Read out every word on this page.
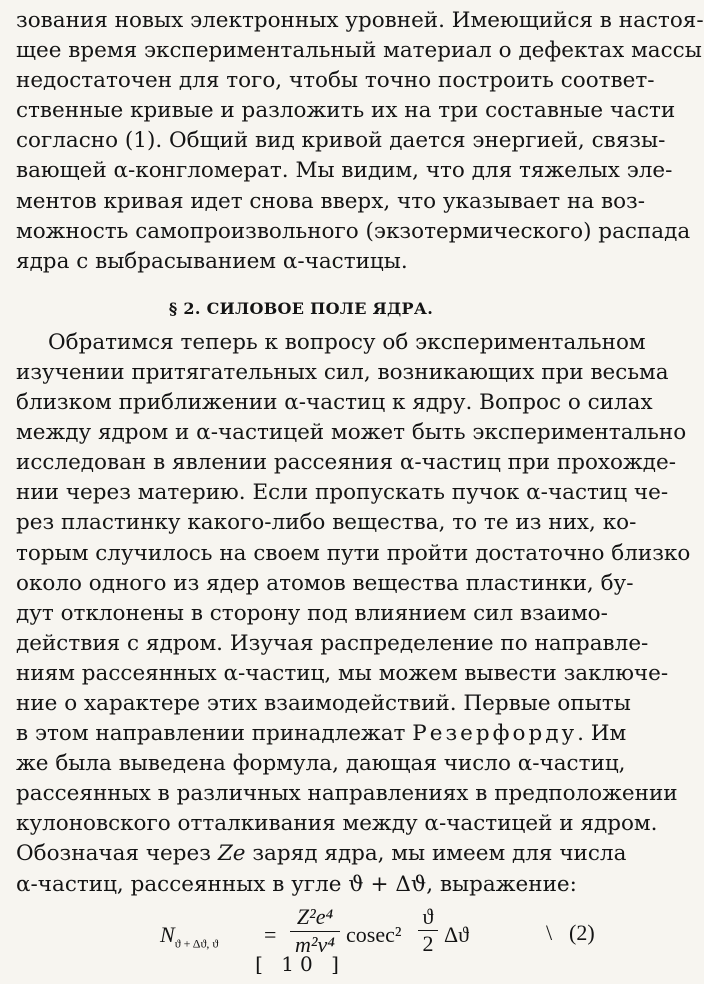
зования новых электронных уровней. Имеющийся в настоя-
щее время экспериментальный материал о дефектах массы
недостаточен для того, чтобы точно построить соответ-
ственные кривые и разложить их на три составные части
согласно (1). Общий вид кривой дается энергией, связы-
вающей α-конгломерат. Мы видим, что для тяжелых эле-
ментов кривая идет снова вверх, что указывает на воз-
можность самопроизвольного (экзотермического) распада
ядра с выбрасыванием α-частицы.
§ 2. СИЛОВОЕ ПОЛЕ ЯДРА.
Обратимся теперь к вопросу об экспериментальном
изучении притягательных сил, возникающих при весьма
близком приближении α-частиц к ядру. Вопрос о силах
между ядром и α-частицей может быть экспериментально
исследован в явлении рассеяния α-частиц при прохожде-
нии через материю. Если пропускать пучок α-частиц че-
рез пластинку какого-либо вещества, то те из них, ко-
торым случилось на своем пути пройти достаточно близко
около одного из ядер атомов вещества пластинки, бу-
дут отклонены в сторону под влиянием сил взаимо-
действия с ядром. Изучая распределение по направле-
ниям рассеянных α-частиц, мы можем вывести заключе-
ние о характере этих взаимодействий. Первые опыты
в этом направлении принадлежат Резерфорду. Им
же была выведена формула, дающая число α-частиц,
рассеянных в различных направлениях в предположении
кулоновского отталкивания между α-частицей и ядром.
Обозначая через Ze заряд ядра, мы имеем для числа
α-частиц, рассеянных в угле ϑ + Δϑ, выражение:
$N_{ϑ + \Delta ϑ, ϑ} = \frac{\text{Z²e⁴}}{\text{m²v⁴}} cosec^2 \frac{ϑ}{2}$ Δϑ	\ (2)
[ 10 ]
